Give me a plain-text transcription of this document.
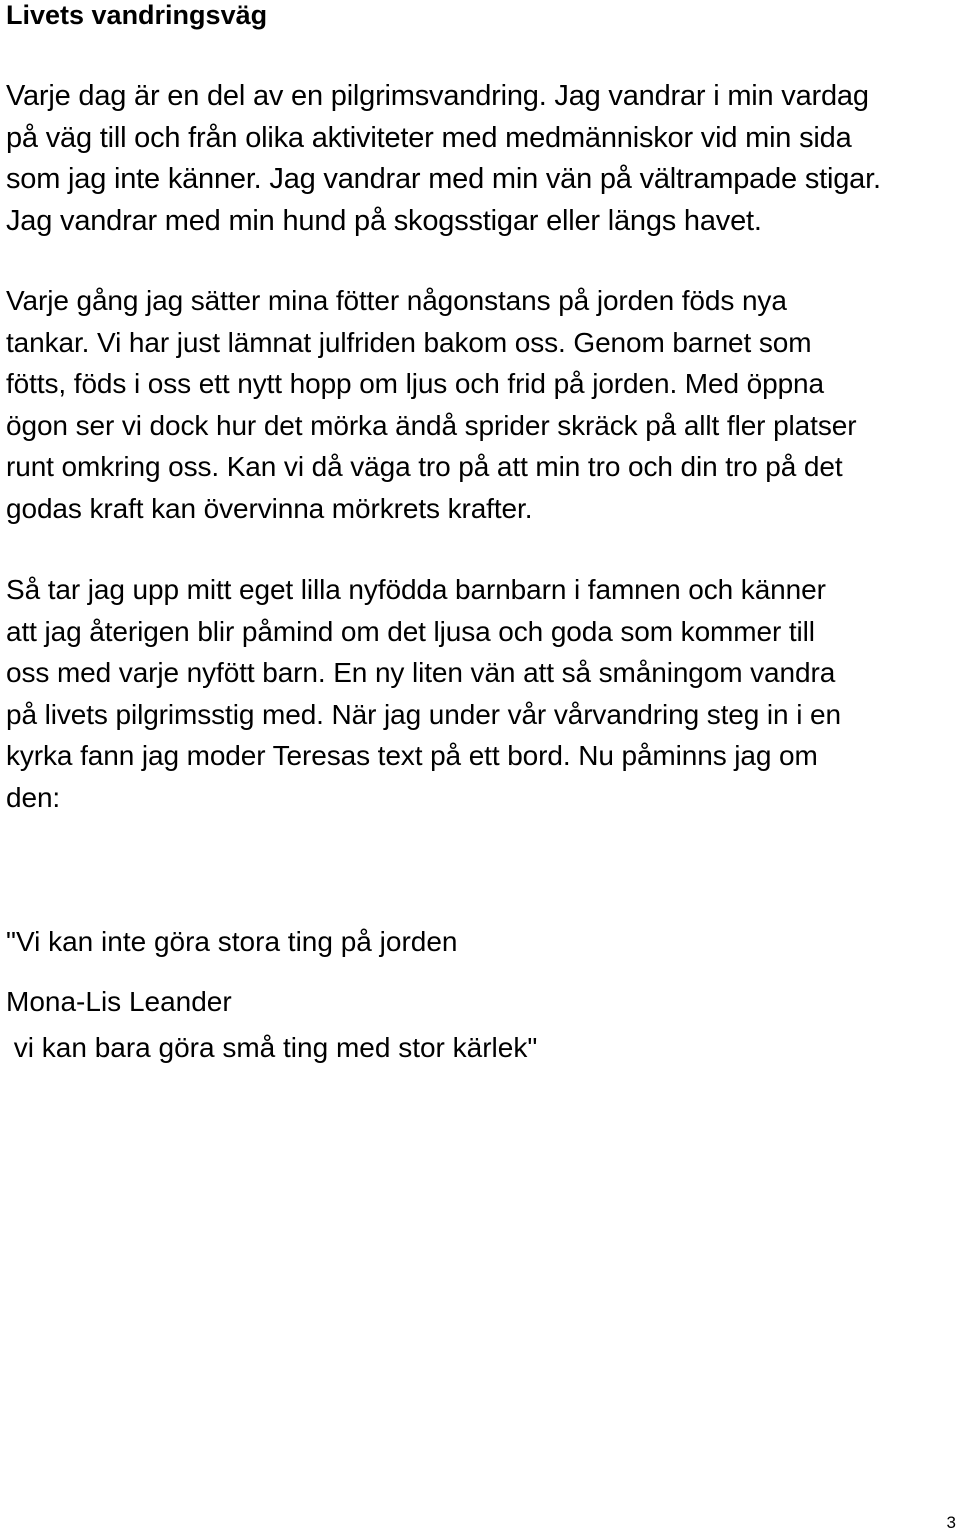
Livets vandringsväg

Varje dag är en del av en pilgrimsvandring. Jag vandrar i min vardag
på väg till och från olika aktiviteter med medmänniskor vid min sida
som jag inte känner. Jag vandrar med min vän på vältrampade stigar.
Jag vandrar med min hund på skogsstigar eller längs havet.

Varje gång jag sätter mina fötter någonstans på jorden föds nya
tankar. Vi har just lämnat julfriden bakom oss. Genom barnet som
fötts, föds i oss ett nytt hopp om ljus och frid på jorden. Med öppna
ögon ser vi dock hur det mörka ändå sprider skräck på allt fler platser
runt omkring oss. Kan vi då väga tro på att min tro och din tro på det
godas kraft kan övervinna mörkrets krafter.

Så tar jag upp mitt eget lilla nyfödda barnbarn i famnen och känner
att jag återigen blir påmind om det ljusa och goda som kommer till
oss med varje nyfött barn. En ny liten vän att så småningom vandra
på livets pilgrimsstig med. När jag under vår vårvandring steg in i en
kyrka fann jag moder Teresas text på ett bord. Nu påminns jag om
den:

"Vi kan inte göra stora ting på jorden

vi kan bara göra små ting med stor kärlek"

Mona-Lis Leander

3
